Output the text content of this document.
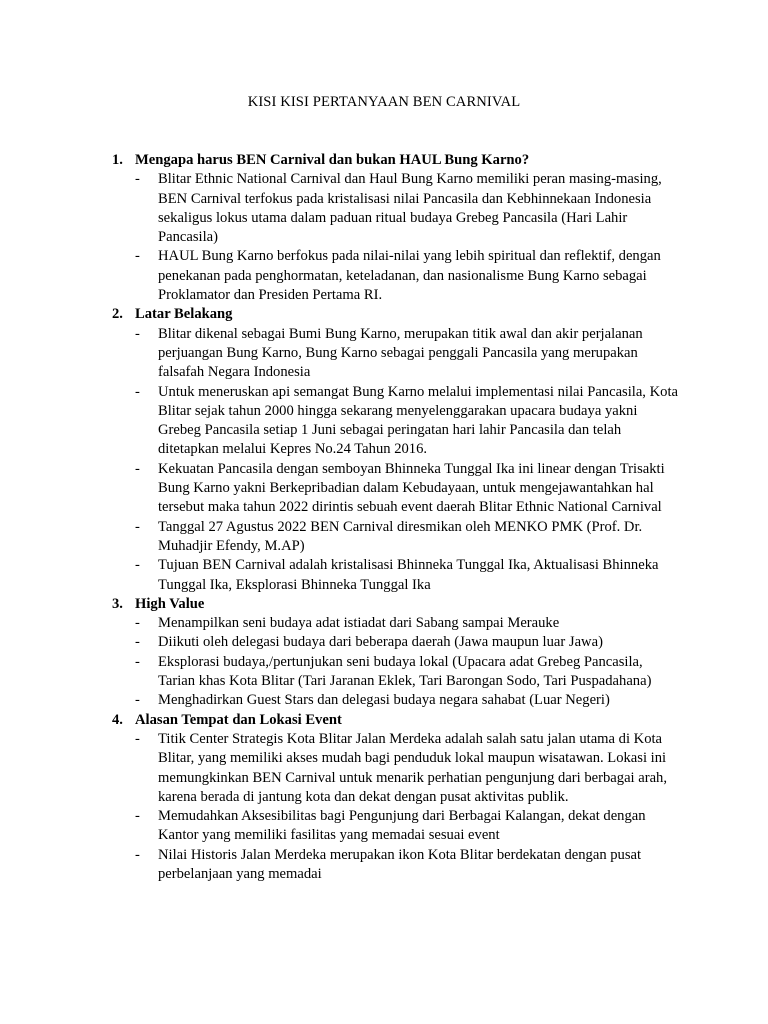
KISI KISI PERTANYAAN BEN CARNIVAL
1. Mengapa harus BEN Carnival dan bukan HAUL Bung Karno?
- Blitar Ethnic National Carnival dan Haul Bung Karno memiliki peran masing-masing, BEN Carnival terfokus pada kristalisasi nilai Pancasila dan Kebhinnekaan Indonesia sekaligus lokus utama dalam paduan ritual budaya Grebeg Pancasila (Hari Lahir Pancasila)
- HAUL Bung Karno berfokus pada nilai-nilai yang lebih spiritual dan reflektif, dengan penekanan pada penghormatan, keteladanan, dan nasionalisme Bung Karno sebagai Proklamator dan Presiden Pertama RI.
2. Latar Belakang
- Blitar dikenal sebagai Bumi Bung Karno, merupakan titik awal dan akir perjalanan perjuangan Bung Karno, Bung Karno sebagai penggali Pancasila yang merupakan falsafah Negara Indonesia
- Untuk meneruskan api semangat Bung Karno melalui implementasi nilai Pancasila, Kota Blitar sejak tahun 2000 hingga sekarang menyelenggarakan upacara budaya yakni Grebeg Pancasila setiap 1 Juni sebagai peringatan hari lahir Pancasila dan telah ditetapkan melalui Kepres No.24 Tahun 2016.
- Kekuatan Pancasila dengan semboyan Bhinneka Tunggal Ika ini linear dengan Trisakti Bung Karno yakni Berkepribadian dalam Kebudayaan, untuk mengejawantahkan hal tersebut maka tahun 2022 dirintis sebuah event daerah Blitar Ethnic National Carnival
- Tanggal 27 Agustus 2022 BEN Carnival diresmikan oleh MENKO PMK (Prof. Dr. Muhadjir Efendy, M.AP)
- Tujuan BEN Carnival adalah kristalisasi Bhinneka Tunggal Ika, Aktualisasi Bhinneka Tunggal Ika, Eksplorasi Bhinneka Tunggal Ika
3. High Value
- Menampilkan seni budaya adat istiadat dari Sabang sampai Merauke
- Diikuti oleh delegasi budaya dari beberapa daerah (Jawa maupun luar Jawa)
- Eksplorasi budaya,/pertunjukan seni budaya lokal (Upacara adat Grebeg Pancasila, Tarian khas Kota Blitar (Tari Jaranan Eklek, Tari Barongan Sodo, Tari Puspadahana)
- Menghadirkan Guest Stars dan delegasi budaya negara sahabat (Luar Negeri)
4. Alasan Tempat dan Lokasi Event
- Titik Center Strategis Kota Blitar Jalan Merdeka adalah salah satu jalan utama di Kota Blitar, yang memiliki akses mudah bagi penduduk lokal maupun wisatawan. Lokasi ini memungkinkan BEN Carnival untuk menarik perhatian pengunjung dari berbagai arah, karena berada di jantung kota dan dekat dengan pusat aktivitas publik.
- Memudahkan Aksesibilitas bagi Pengunjung dari Berbagai Kalangan, dekat dengan Kantor yang memiliki fasilitas yang memadai sesuai event
- Nilai Historis Jalan Merdeka merupakan ikon Kota Blitar berdekatan dengan pusat perbelanjaan yang memadai
